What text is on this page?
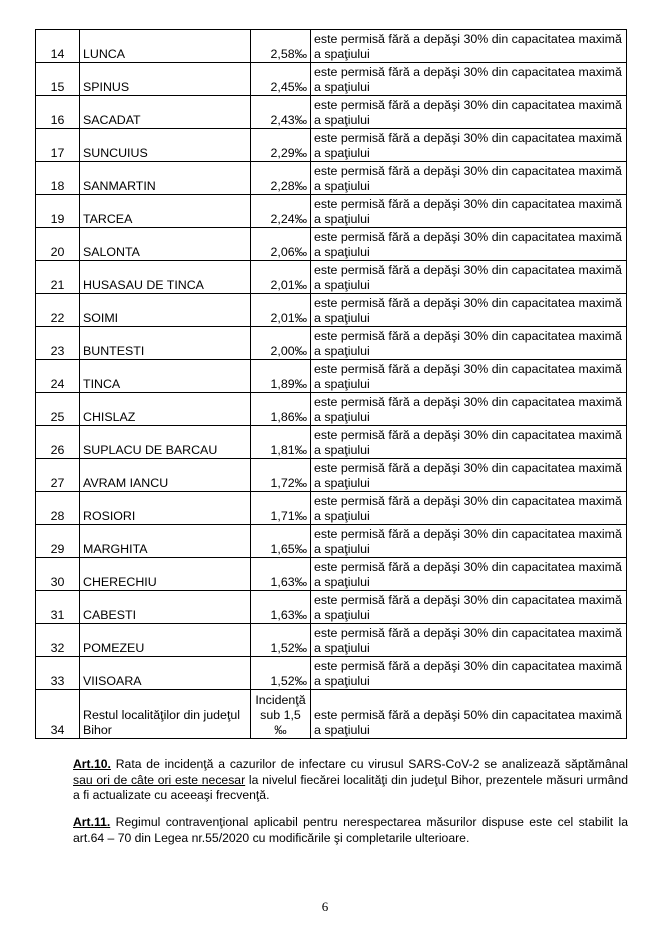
14	LUNCA	2,58‰	este permisă fără a depăşi 30% din capacitatea maximă a spaţiului
15	SPINUS	2,45‰	este permisă fără a depăşi 30% din capacitatea maximă a spaţiului
16	SACADAT	2,43‰	este permisă fără a depăşi 30% din capacitatea maximă a spaţiului
17	SUNCUIUS	2,29‰	este permisă fără a depăşi 30% din capacitatea maximă a spaţiului
18	SANMARTIN	2,28‰	este permisă fără a depăşi 30% din capacitatea maximă a spaţiului
19	TARCEA	2,24‰	este permisă fără a depăşi 30% din capacitatea maximă a spaţiului
20	SALONTA	2,06‰	este permisă fără a depăşi 30% din capacitatea maximă a spaţiului
21	HUSASAU DE TINCA	2,01‰	este permisă fără a depăşi 30% din capacitatea maximă a spaţiului
22	SOIMI	2,01‰	este permisă fără a depăşi 30% din capacitatea maximă a spaţiului
23	BUNTESTI	2,00‰	este permisă fără a depăşi 30% din capacitatea maximă a spaţiului
24	TINCA	1,89‰	este permisă fără a depăşi 30% din capacitatea maximă a spaţiului
25	CHISLAZ	1,86‰	este permisă fără a depăşi 30% din capacitatea maximă a spaţiului
26	SUPLACU DE BARCAU	1,81‰	este permisă fără a depăşi 30% din capacitatea maximă a spaţiului
27	AVRAM IANCU	1,72‰	este permisă fără a depăşi 30% din capacitatea maximă a spaţiului
28	ROSIORI	1,71‰	este permisă fără a depăşi 30% din capacitatea maximă a spaţiului
29	MARGHITA	1,65‰	este permisă fără a depăşi 30% din capacitatea maximă a spaţiului
30	CHERECHIU	1,63‰	este permisă fără a depăşi 30% din capacitatea maximă a spaţiului
31	CABESTI	1,63‰	este permisă fără a depăşi 30% din capacitatea maximă a spaţiului
32	POMEZEU	1,52‰	este permisă fără a depăşi 30% din capacitatea maximă a spaţiului
33	VIISOARA	1,52‰	este permisă fără a depăşi 30% din capacitatea maximă a spaţiului
34	Restul localităţilor din judeţul Bihor	Incidenţă sub 1,5 ‰	este permisă fără a depăşi 50% din capacitatea maximă a spaţiului
Art.10. Rata de incidenţă a cazurilor de infectare cu virusul SARS-CoV-2 se analizează săptămânal sau ori de câte ori este necesar la nivelul fiecărei localităţi din judeţul Bihor, prezentele măsuri urmând a fi actualizate cu aceeaşi frecvenţă.
Art.11. Regimul contravenţional aplicabil pentru nerespectarea măsurilor dispuse este cel stabilit la art.64 – 70 din Legea nr.55/2020 cu modificările şi completarile ulterioare.
6
